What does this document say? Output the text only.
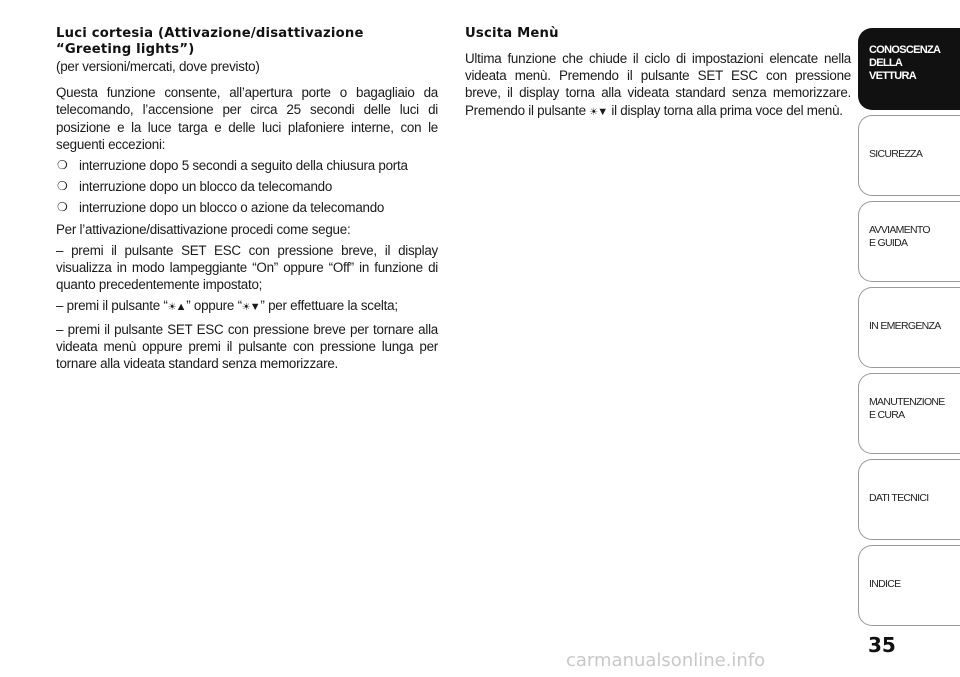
Luci cortesia (Attivazione/disattivazione
“Greeting lights”)

(per versioni/mercati, dove previsto)

Questa funzione consente, all’apertura porte o bagagliaio da telecomando, l’accensione per circa 25 secondi delle luci di posizione e la luce targa e delle luci plafoniere interne, con le seguenti eccezioni:

❍ interruzione dopo 5 secondi a seguito della chiusura porta
❍ interruzione dopo un blocco da telecomando
❍ interruzione dopo un blocco o azione da telecomando

Per l’attivazione/disattivazione procedi come segue:

– premi il pulsante SET ESC con pressione breve, il display visualizza in modo lampeggiante “On” oppure “Off” in funzione di quanto precedentemente impostato;

– premi il pulsante “☀▲” oppure “☀▼” per effettuare la scelta;

– premi il pulsante SET ESC con pressione breve per tornare alla videata menù oppure premi il pulsante con pressione lunga per tornare alla videata standard senza memorizzare.

Uscita Menù

Ultima funzione che chiude il ciclo di impostazioni elencate nella videata menù. Premendo il pulsante SET ESC con pressione breve, il display torna alla videata standard senza memorizzare. Premendo il pulsante ☀▼ il display torna alla prima voce del menù.

CONOSCENZA
DELLA
VETTURA
SICUREZZA
AVVIAMENTO
E GUIDA
IN EMERGENZA
MANUTENZIONE
E CURA
DATI TECNICI
INDICE
35
carmanualsonline.info
